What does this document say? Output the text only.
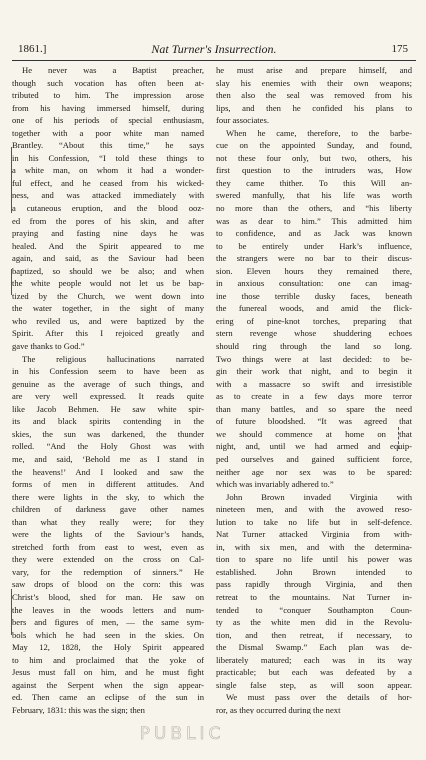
1861.]	Nat Turner's Insurrection.	175
He never was a Baptist preacher,
though such vocation has often been at-
tributed to him. The impression arose
from his having immersed himself, during
one of his periods of special enthusiasm,
together with a poor white man named
Brantley. “About this time,” he says
in his Confession, “I told these things to
a white man, on whom it had a wonder-
ful effect, and he ceased from his wicked-
ness, and was attacked immediately with
a cutaneous eruption, and the blood ooz-
ed from the pores of his skin, and after
praying and fasting nine days he was
healed. And the Spirit appeared to me
again, and said, as the Saviour had been
baptized, so should we be also; and when
the white people would not let us be bap-
tized by the Church, we went down into
the water together, in the sight of many
who reviled us, and were baptized by the
Spirit. After this I rejoiced greatly and
gave thanks to God.”
The religious hallucinations narrated
in his Confession seem to have been as
genuine as the average of such things, and
are very well expressed. It reads quite
like Jacob Behmen. He saw white spir-
its and black spirits contending in the
skies, the sun was darkened, the thunder
rolled. “And the Holy Ghost was with
me, and said, ‘Behold me as I stand in
the heavens!’ And I looked and saw the
forms of men in different attitudes. And
there were lights in the sky, to which the
children of darkness gave other names
than what they really were; for they
were the lights of the Saviour’s hands,
stretched forth from east to west, even as
they were extended on the cross on Cal-
vary, for the redemption of sinners.” He
saw drops of blood on the corn: this was
Christ’s blood, shed for man. He saw on
the leaves in the woods letters and num-
bers and figures of men, — the same sym-
bols which he had seen in the skies. On
May 12, 1828, the Holy Spirit appeared
to him and proclaimed that the yoke of
Jesus must fall on him, and he must fight
against the Serpent when the sign appear-
ed. Then came an eclipse of the sun in
February, 1831: this was the sign; then
he must arise and prepare himself, and
slay his enemies with their own weapons;
then also the seal was removed from his
lips, and then he confided his plans to
four associates.
When he came, therefore, to the barbe-
cue on the appointed Sunday, and found,
not these four only, but two, others, his
first question to the intruders was, How
they came thither. To this Will an-
swered manfully, that his life was worth
no more than the others, and “his liberty
was as dear to him.” This admitted him
to confidence, and as Jack was known
to be entirely under Hark’s influence,
the strangers were no bar to their discus-
sion. Eleven hours they remained there,
in anxious consultation: one can imag-
ine those terrible dusky faces, beneath
the funereal woods, and amid the flick-
ering of pine-knot torches, preparing that
stern revenge whose shuddering echoes
should ring through the land so long.
Two things were at last decided: to be-
gin their work that night, and to begin it
with a massacre so swift and irresistible
as to create in a few days more terror
than many battles, and so spare the need
of future bloodshed. “It was agreed that
we should commence at home on that
night, and, until we had armed and equip-
ped ourselves and gained sufficient force,
neither age nor sex was to be spared:
which was invariably adhered to.”
John Brown invaded Virginia with
nineteen men, and with the avowed reso-
lution to take no life but in self-defence.
Nat Turner attacked Virginia from with-
in, with six men, and with the determina-
tion to spare no life until his power was
established. John Brown intended to
pass rapidly through Virginia, and then
retreat to the mountains. Nat Turner in-
tended to “conquer Southampton Coun-
ty as the white men did in the Revolu-
tion, and then retreat, if necessary, to
the Dismal Swamp.” Each plan was de-
liberately matured; each was in its way
practicable; but each was defeated by a
single false step, as will soon appear.
We must pass over the details of hor-
ror, as they occurred during the next
PUBLIC
